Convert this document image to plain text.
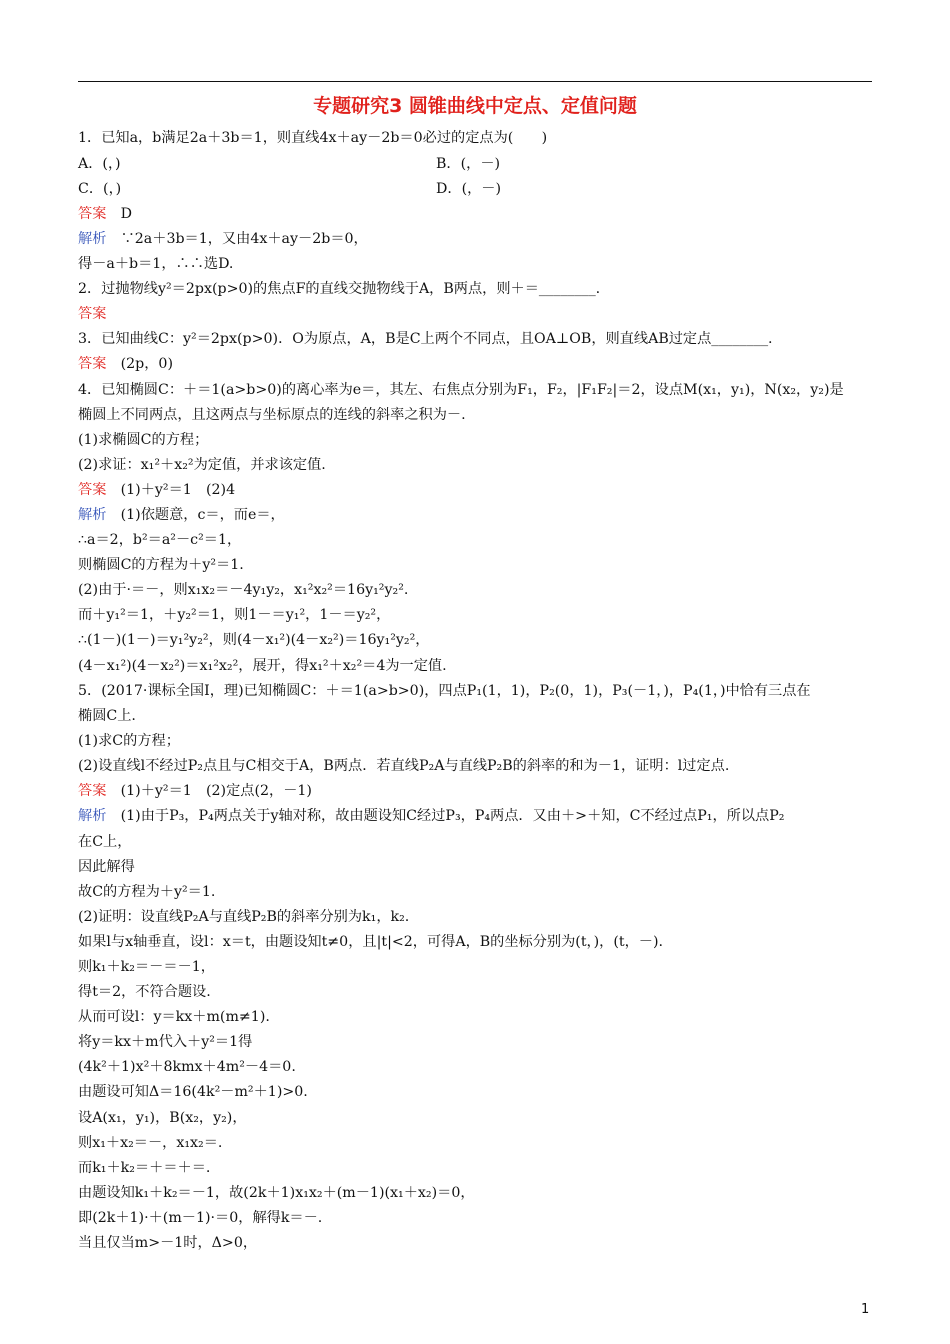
专题研究3 圆锥曲线中定点、定值问题
1．已知a，b满足2a＋3b＝1，则直线4x＋ay－2b＝0必过的定点为(　　)
A．(，)	B．(，－)
C．(，)	D．(，－)
答案　 D
解析　 ∵2a＋3b＝1，又由4x＋ay－2b＝0，
得－a＋b＝1，∴∴选D.
2．过抛物线y²＝2px(p>0)的焦点F的直线交抛物线于A，B两点，则＋＝________.
答案
3．已知曲线C：y²＝2px(p>0)．O为原点，A，B是C上两个不同点，且OA⊥OB，则直线AB过定点________.
答案　 (2p，0)
4．已知椭圆C：＋＝1(a>b>0)的离心率为e＝，其左、右焦点分别为F₁，F₂，|F₁F₂|＝2，设点M(x₁，y₁)，N(x₂，y₂)是
椭圆上不同两点，且这两点与坐标原点的连线的斜率之积为－.
(1)求椭圆C的方程；
(2)求证：x₁²＋x₂²为定值，并求该定值.
答案　 (1)＋y²＝1　(2)4
解析　 (1)依题意，c＝，而e＝，
∴a＝2，b²＝a²－c²＝1，
则椭圆C的方程为＋y²＝1.
(2)由于·＝－，则x₁x₂＝－4y₁y₂，x₁²x₂²＝16y₁²y₂².
而＋y₁²＝1，＋y₂²＝1，则1－＝y₁²，1－＝y₂²，
∴(1－)(1－)＝y₁²y₂²，则(4－x₁²)(4－x₂²)＝16y₁²y₂²，
(4－x₁²)(4－x₂²)＝x₁²x₂²，展开，得x₁²＋x₂²＝4为一定值.
5．(2017·课标全国Ⅰ，理)已知椭圆C：＋＝1(a>b>0)，四点P₁(1，1)，P₂(0，1)，P₃(－1，)，P₄(1，)中恰有三点在
椭圆C上.
(1)求C的方程；
(2)设直线l不经过P₂点且与C相交于A，B两点．若直线P₂A与直线P₂B的斜率的和为－1，证明：l过定点.
答案　 (1)＋y²＝1　(2)定点(2，－1)
解析　 (1)由于P₃，P₄两点关于y轴对称，故由题设知C经过P₃，P₄两点．又由＋>＋知，C不经过点P₁，所以点P₂
在C上，
因此解得
故C的方程为＋y²＝1.
(2)证明：设直线P₂A与直线P₂B的斜率分别为k₁，k₂.
如果l与x轴垂直，设l：x＝t，由题设知t≠0，且|t|<2，可得A，B的坐标分别为(t，)，(t，－).
则k₁＋k₂＝－＝－1，
得t＝2，不符合题设.
从而可设l：y＝kx＋m(m≠1).
将y＝kx＋m代入＋y²＝1得
(4k²＋1)x²＋8kmx＋4m²－4＝0.
由题设可知Δ＝16(4k²－m²＋1)>0.
设A(x₁，y₁)，B(x₂，y₂)，
则x₁＋x₂＝－，x₁x₂＝.
而k₁＋k₂＝＋＝＋＝.
由题设知k₁＋k₂＝－1，故(2k＋1)x₁x₂＋(m－1)(x₁＋x₂)＝0，
即(2k＋1)·＋(m－1)·＝0，解得k＝－.
当且仅当m>－1时，Δ>0，
1
